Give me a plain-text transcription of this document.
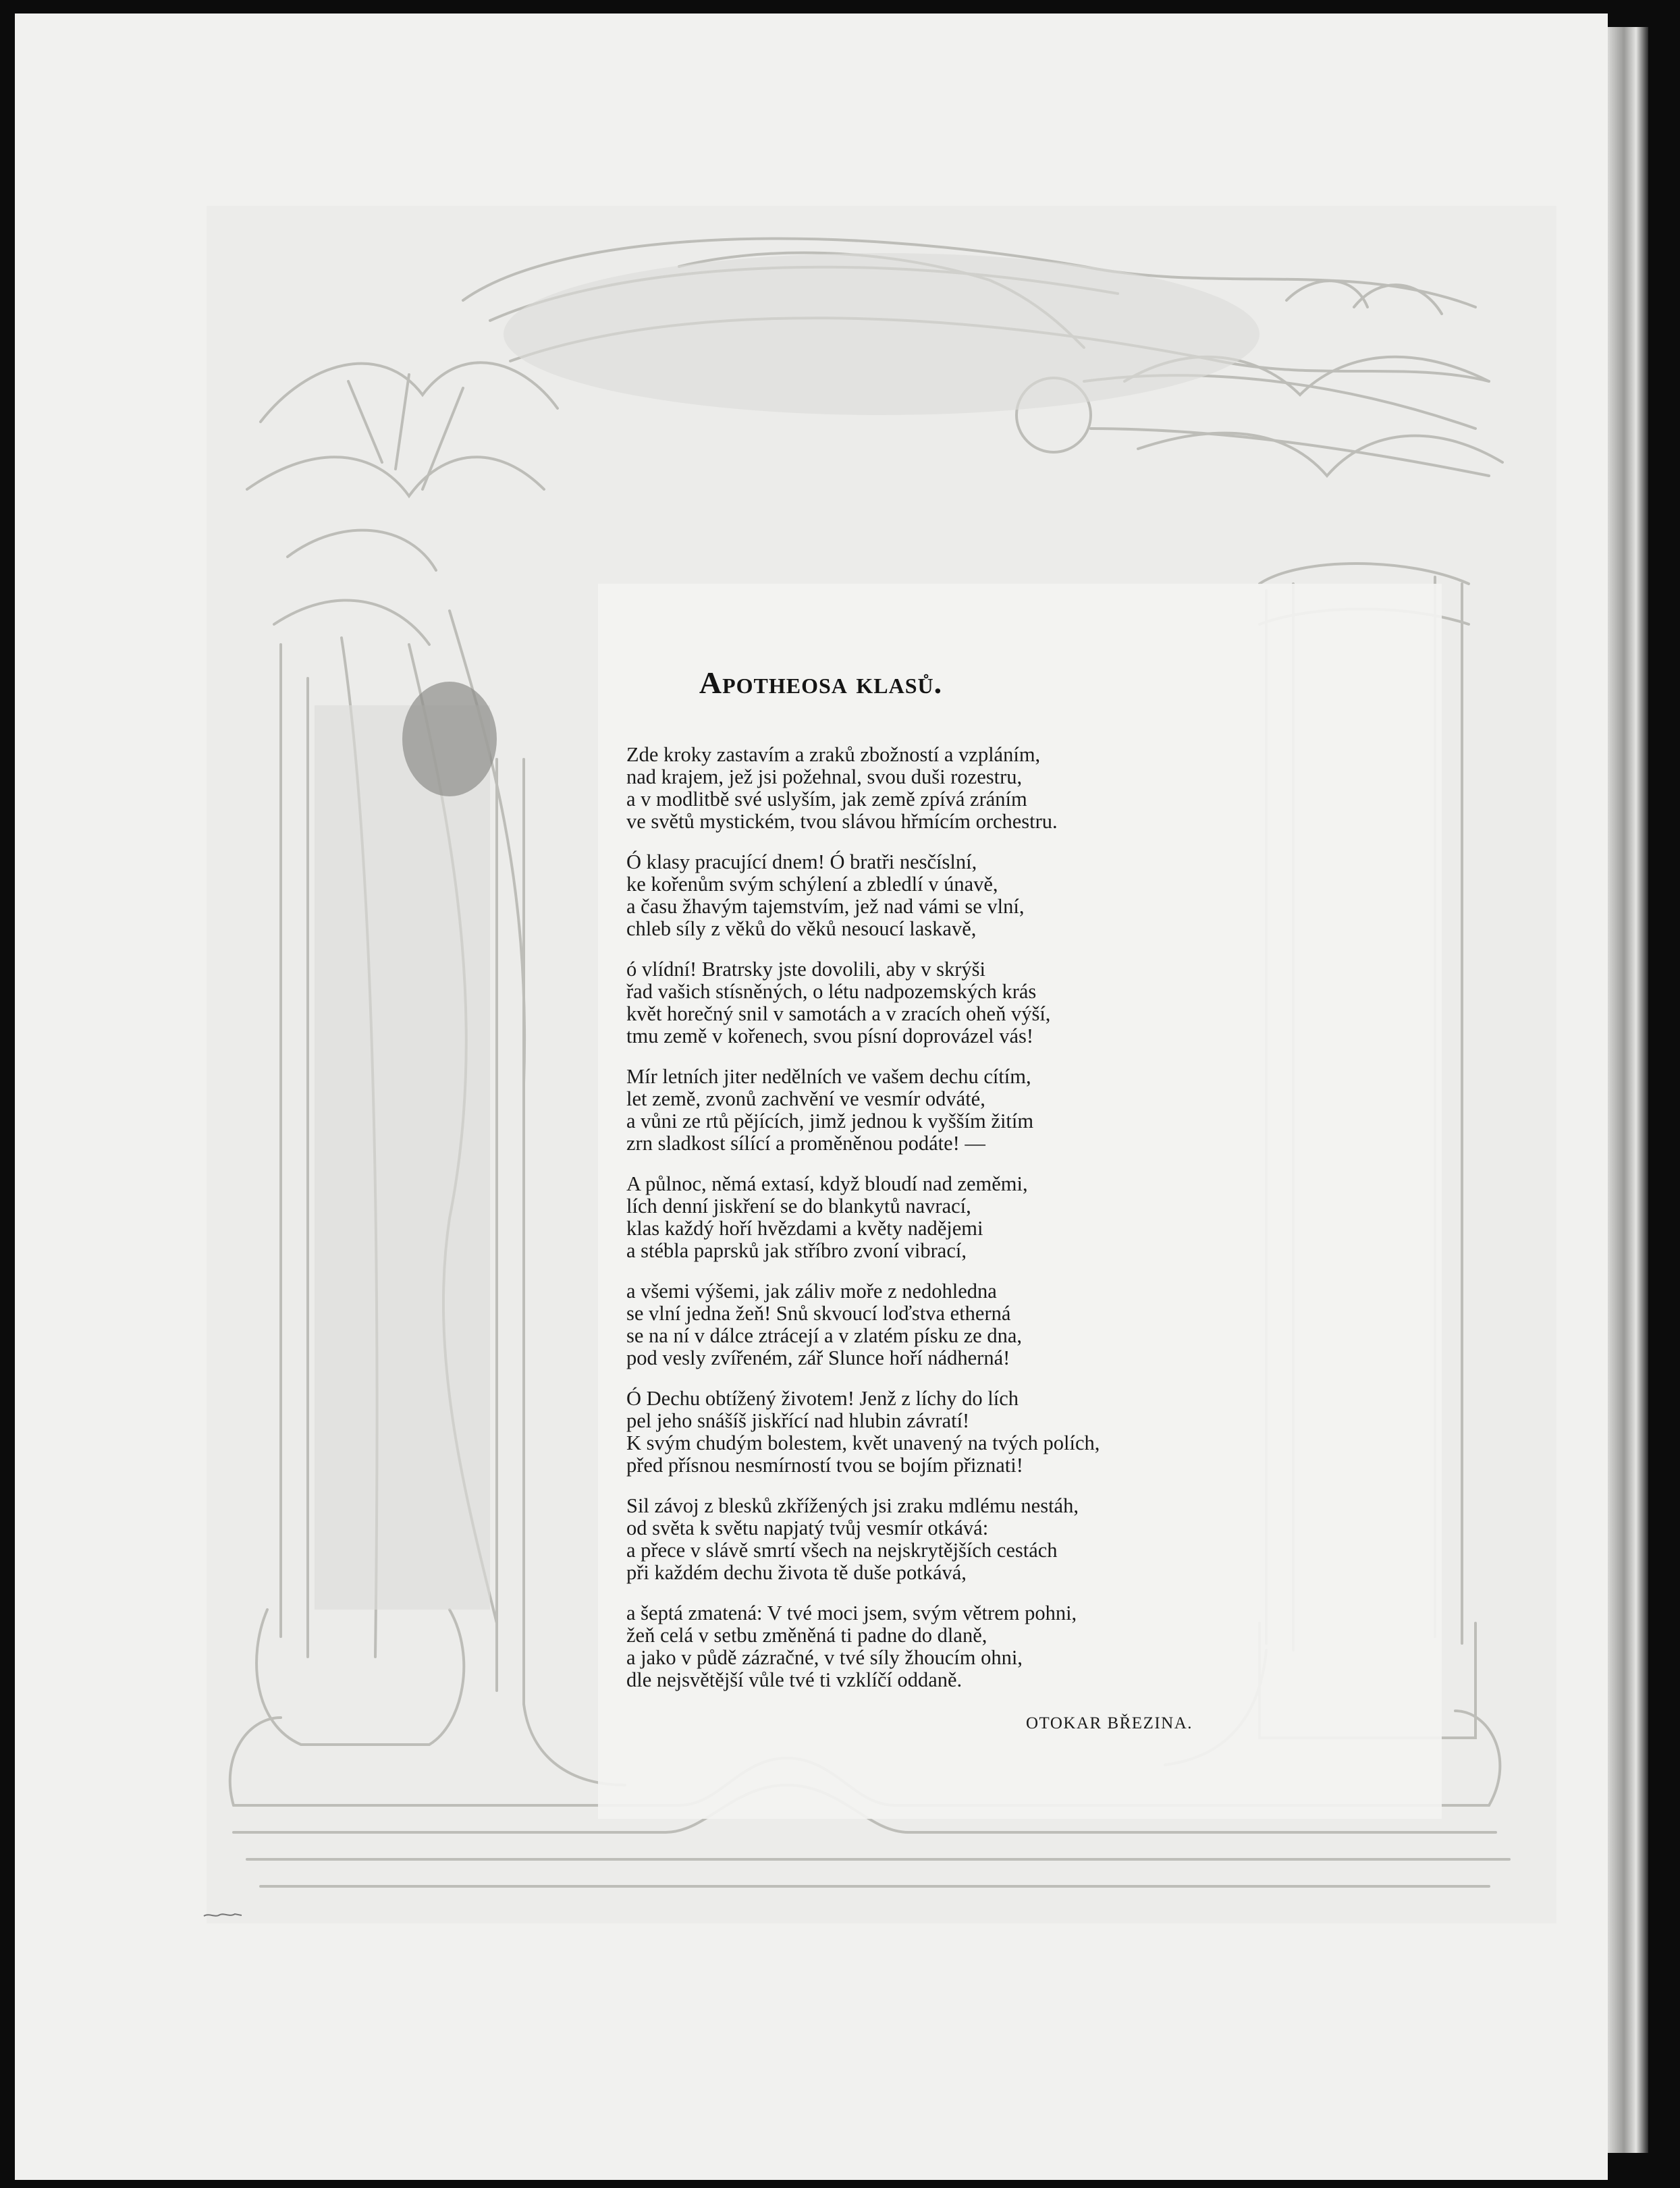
Apotheosa klasů.
Zde kroky zastavím a zraků zbožností a vzpláním,
nad krajem, jež jsi požehnal, svou duši rozestru,
a v modlitbě své uslyším, jak země zpívá zráním
ve světů mystickém, tvou slávou hřmícím orchestru.
Ó klasy pracující dnem! Ó bratři nesčíslní,
ke kořenům svým schýlení a zbledlí v únavě,
a času žhavým tajemstvím, jež nad vámi se vlní,
chleb síly z věků do věků nesoucí laskavě,
ó vlídní! Bratrsky jste dovolili, aby v skrýši
řad vašich stísněných, o létu nadpozemských krás
květ horečný snil v samotách a v zracích oheň výší,
tmu země v kořenech, svou písní doprovázel vás!
Mír letních jiter nedělních ve vašem dechu cítím,
let země, zvonů zachvění ve vesmír odváté,
a vůni ze rtů pějících, jimž jednou k vyšším žitím
zrn sladkost sílící a proměněnou podáte! —
A půlnoc, němá extasí, když bloudí nad zeměmi,
lích denní jiskření se do blankytů navrací,
klas každý hoří hvězdami a květy nadějemi
a stébla paprsků jak stříbro zvoní vibrací,
a všemi výšemi, jak záliv moře z nedohledna
se vlní jedna žeň! Snů skvoucí loďstva etherná
se na ní v dálce ztrácejí a v zlatém písku ze dna,
pod vesly zvířeném, zář Slunce hoří nádherná!
Ó Dechu obtížený životem! Jenž z líchy do lích
pel jeho snášíš jiskřící nad hlubin závratí!
K svým chudým bolestem, květ unavený na tvých polích,
před přísnou nesmírností tvou se bojím přiznati!
Sil závoj z blesků zkřížených jsi zraku mdlému nestáh,
od světa k světu napjatý tvůj vesmír otkává:
a přece v slávě smrtí všech na nejskrytějších cestách
při každém dechu života tě duše potkává,
a šeptá zmatená: V tvé moci jsem, svým větrem pohni,
žeň celá v setbu změněná ti padne do dlaně,
a jako v půdě zázračné, v tvé síly žhoucím ohni,
dle nejsvětější vůle tvé ti vzklíčí oddaně.
OTOKAR BŘEZINA.
